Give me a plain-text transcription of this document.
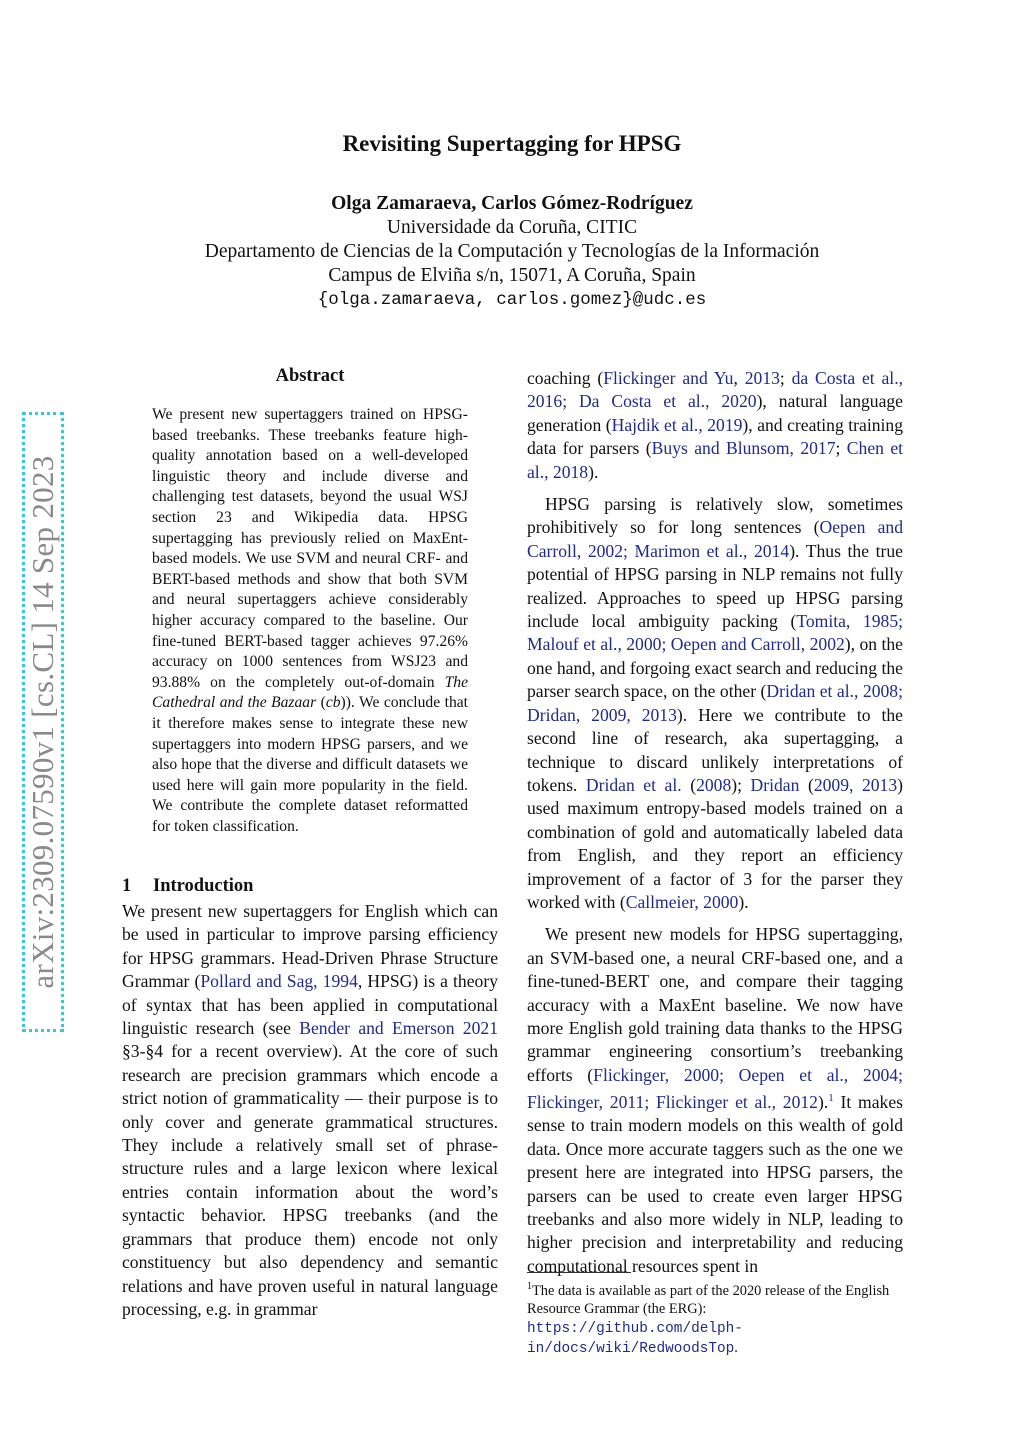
arXiv:2309.07590v1 [cs.CL] 14 Sep 2023
Revisiting Supertagging for HPSG
Olga Zamaraeva, Carlos Gómez-Rodríguez
Universidade da Coruña, CITIC
Departamento de Ciencias de la Computación y Tecnologías de la Información
Campus de Elviña s/n, 15071, A Coruña, Spain
{olga.zamaraeva, carlos.gomez}@udc.es
Abstract

We present new supertaggers trained on HPSG-based treebanks. These treebanks feature high-quality annotation based on a well-developed linguistic theory and include diverse and challenging test datasets, beyond the usual WSJ section 23 and Wikipedia data. HPSG supertagging has previously relied on MaxEnt-based models. We use SVM and neural CRF- and BERT-based methods and show that both SVM and neural supertaggers achieve considerably higher accuracy compared to the baseline. Our fine-tuned BERT-based tagger achieves 97.26% accuracy on 1000 sentences from WSJ23 and 93.88% on the completely out-of-domain The Cathedral and the Bazaar (cb)). We conclude that it therefore makes sense to integrate these new supertaggers into modern HPSG parsers, and we also hope that the diverse and difficult datasets we used here will gain more popularity in the field. We contribute the complete dataset reformatted for token classification.

1 Introduction

We present new supertaggers for English which can be used in particular to improve parsing efficiency for HPSG grammars. Head-Driven Phrase Structure Grammar (Pollard and Sag, 1994, HPSG) is a theory of syntax that has been applied in computational linguistic research (see Bender and Emerson 2021 §3-§4 for a recent overview). At the core of such research are precision grammars which encode a strict notion of grammaticality — their purpose is to only cover and generate grammatical structures. They include a relatively small set of phrase-structure rules and a large lexicon where lexical entries contain information about the word’s syntactic behavior. HPSG treebanks (and the grammars that produce them) encode not only constituency but also dependency and semantic relations and have proven useful in natural language processing, e.g. in grammar

coaching (Flickinger and Yu, 2013; da Costa et al., 2016; Da Costa et al., 2020), natural language generation (Hajdik et al., 2019), and creating training data for parsers (Buys and Blunsom, 2017; Chen et al., 2018).

HPSG parsing is relatively slow, sometimes prohibitively so for long sentences (Oepen and Carroll, 2002; Marimon et al., 2014). Thus the true potential of HPSG parsing in NLP remains not fully realized. Approaches to speed up HPSG parsing include local ambiguity packing (Tomita, 1985; Malouf et al., 2000; Oepen and Carroll, 2002), on the one hand, and forgoing exact search and reducing the parser search space, on the other (Dridan et al., 2008; Dridan, 2009, 2013). Here we contribute to the second line of research, aka supertagging, a technique to discard unlikely interpretations of tokens. Dridan et al. (2008); Dridan (2009, 2013) used maximum entropy-based models trained on a combination of gold and automatically labeled data from English, and they report an efficiency improvement of a factor of 3 for the parser they worked with (Callmeier, 2000).

We present new models for HPSG supertagging, an SVM-based one, a neural CRF-based one, and a fine-tuned-BERT one, and compare their tagging accuracy with a MaxEnt baseline. We now have more English gold training data thanks to the HPSG grammar engineering consortium’s treebanking efforts (Flickinger, 2000; Oepen et al., 2004; Flickinger, 2011; Flickinger et al., 2012).$^1$ It makes sense to train modern models on this wealth of gold data. Once more accurate taggers such as the one we present here are integrated into HPSG parsers, the parsers can be used to create even larger HPSG treebanks and also more widely in NLP, leading to higher precision and interpretability and reducing computational resources spent in

$^1$The data is available as part of the 2020 release of the English Resource Grammar (the ERG): https://github.com/delph-in/docs/wiki/RedwoodsTop.
